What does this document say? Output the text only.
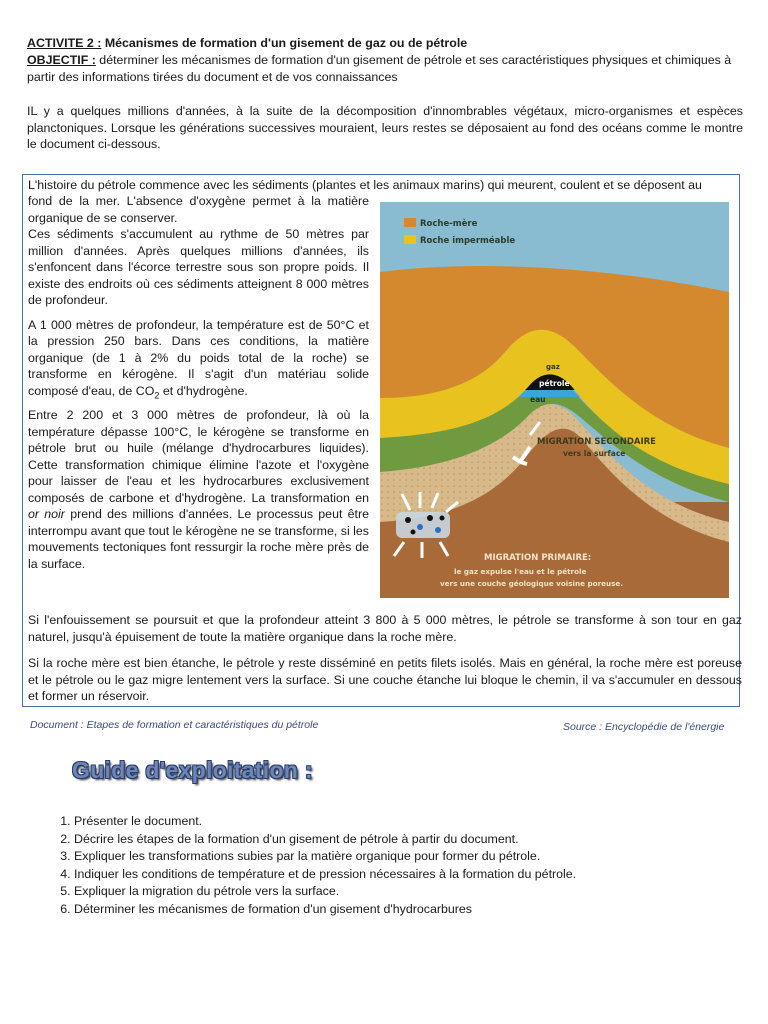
ACTIVITE 2 : Mécanismes de formation d'un gisement de gaz ou de pétrole
OBJECTIF : déterminer les mécanismes de formation d'un gisement de pétrole et ses caractéristiques physiques et chimiques à partir des informations tirées du document et de vos connaissances
IL y a quelques millions d'années, à la suite de la décomposition d'innombrables végétaux, micro-organismes et espèces planctoniques. Lorsque les générations successives mouraient, leurs restes se déposaient au fond des océans comme le montre le document ci-dessous.
L'histoire du pétrole commence avec les sédiments (plantes et les animaux marins) qui meurent, coulent et se déposent au

fond de la mer. L'absence d'oxygène permet à la matière organique de se conserver.

Ces sédiments s'accumulent au rythme de 50 mètres par million d'années. Après quelques millions d'années, ils s'enfoncent dans l'écorce terrestre sous son propre poids. Il existe des endroits où ces sédiments atteignent 8 000 mètres de profondeur.

A 1 000 mètres de profondeur, la température est de 50°C et la pression 250 bars. Dans ces conditions, la matière organique (de 1 à 2% du poids total de la roche) se transforme en kérogène. Il s'agit d'un matériau solide composé d'eau, de $CO_2$ et d'hydrogène.

Entre 2 200 et 3 000 mètres de profondeur, là où la température dépasse 100°C, le kérogène se transforme en pétrole brut ou huile (mélange d'hydrocarbures liquides). Cette transformation chimique élimine l'azote et l'oxygène pour laisser de l'eau et les hydrocarbures exclusivement composés de carbone et d'hydrogène. La transformation en or noir prend des millions d'années. Le processus peut être interrompu avant que tout le kérogène ne se transforme, si les mouvements tectoniques font ressurgir la roche mère près de la surface.

Roche-mère
Roche imperméable
gaz
pétrole
eau
MIGRATION SECONDAIRE
vers la surface
MIGRATION PRIMAIRE:
le gaz expulse l'eau et le pétrole
vers une couche géologique voisine poreuse.
Si l'enfouissement se poursuit et que la profondeur atteint 3 800 à 5 000 mètres, le pétrole se transforme à son tour en gaz naturel, jusqu'à épuisement de toute la matière organique dans la roche mère.
Si la roche mère est bien étanche, le pétrole y reste disséminé en petits filets isolés. Mais en général, la roche mère est poreuse et le pétrole ou le gaz migre lentement vers la surface. Si une couche étanche lui bloque le chemin, il va s'accumuler en dessous et former un réservoir.
Document : Etapes de formation et caractéristiques du pétrole	Source : Encyclopédie de l'énergie
Guide d'exploitation :
1. Présenter le document.
2. Décrire les étapes de la formation d'un gisement de pétrole à partir du document.
3. Expliquer les transformations subies par la matière organique pour former du pétrole.
4. Indiquer les conditions de température et de pression nécessaires à la formation du pétrole.
5. Expliquer la migration du pétrole vers la surface.
6. Déterminer les mécanismes de formation d'un gisement d'hydrocarbures
